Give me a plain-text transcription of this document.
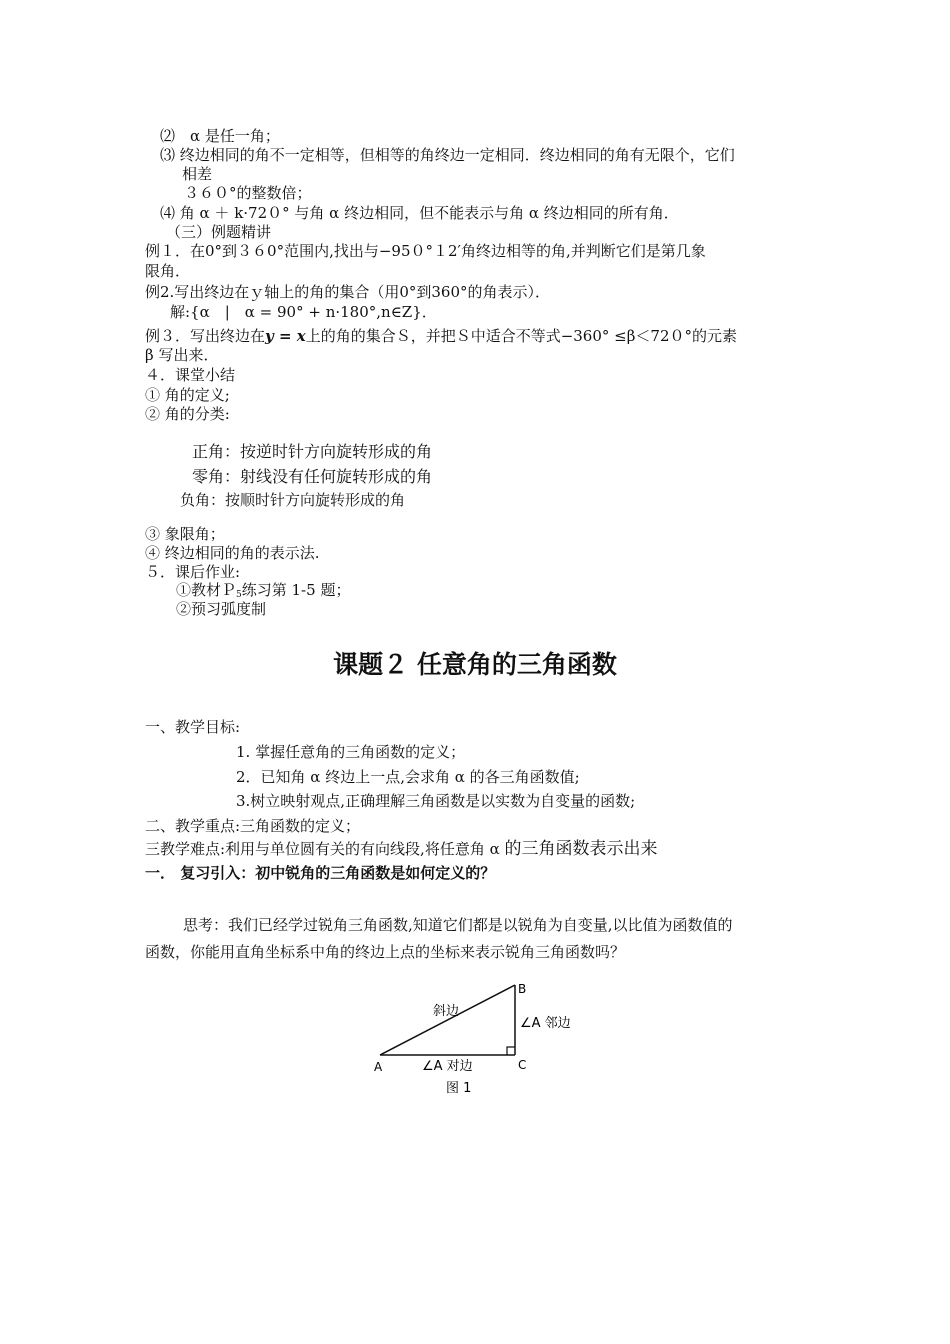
⑵　α 是任一角；
⑶ 终边相同的角不一定相等，但相等的角终边一定相同．终边相同的角有无限个，它们
相差
３６０°的整数倍；
⑷ 角 α ＋ k·72０° 与角 α 终边相同，但不能表示与角 α 终边相同的所有角．
（三）例题精讲
例１．在0°到３６0°范围内,找出与−95０°１2′角终边相等的角,并判断它们是第几象
限角．
例2.写出终边在ｙ轴上的角的集合（用0°到360°的角表示）．
解:{α　|　α = 90° + n·180°,n∈Z}．
例３．写出终边在y = x上的角的集合Ｓ，并把Ｓ中适合不等式−360° ≤β＜72０°的元素
β 写出来．
４．课堂小结
① 角的定义;
② 角的分类:
正角：按逆时针方向旋转形成的角
零角：射线没有任何旋转形成的角
负角：按顺时针方向旋转形成的角
③ 象限角；
④ 终边相同的角的表示法.
５．课后作业:
①教材Ｐ$_5$练习第 1-5 题；
②预习弧度制
课题２ 任意角的三角函数
一、教学目标:
1. 掌握任意角的三角函数的定义；
2．已知角 α 终边上一点,会求角 α 的各三角函数值;
3.树立映射观点,正确理解三角函数是以实数为自变量的函数;
二、教学重点:三角函数的定义；
三教学难点:利用与单位圆有关的有向线段,将任意角 α 的三角函数表示出来
一． 复习引入：初中锐角的三角函数是如何定义的？
思考：我们已经学过锐角三角函数,知道它们都是以锐角为自变量,以比值为函数值的
函数，你能用直角坐标系中角的终边上点的坐标来表示锐角三角函数吗？
A
B
C
斜边
∠A 邻边
∠A 对边
图 1
